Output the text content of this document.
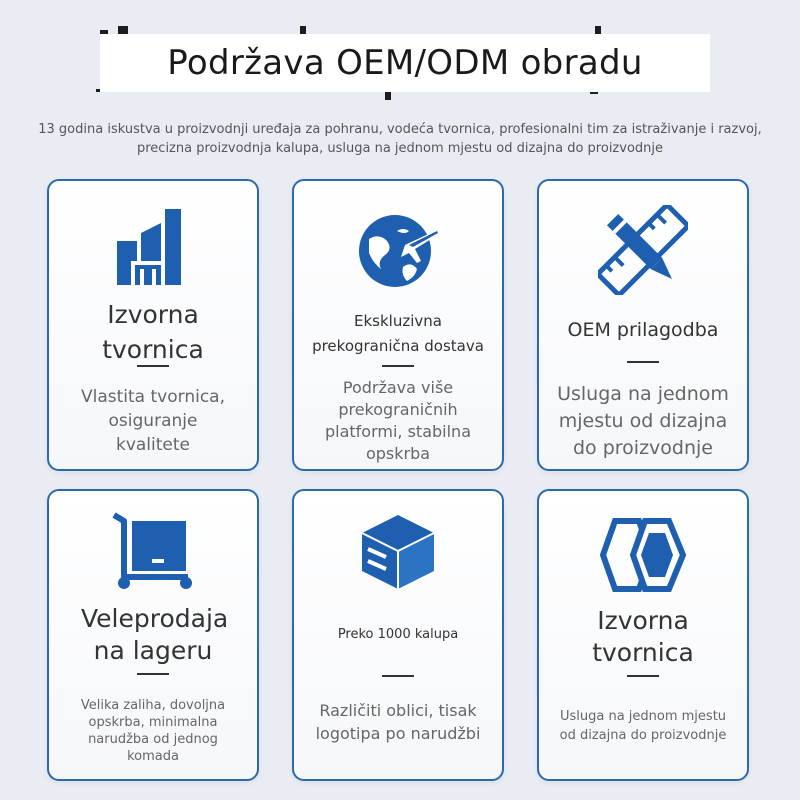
Podržava OEM/ODM obradu
13 godina iskustva u proizvodnji uređaja za pohranu, vodeća tvornica, profesionalni tim za istraživanje i razvoj, precizna proizvodnja kalupa, usluga na jednom mjestu od dizajna do proizvodnje
Izvorna tvornica
Vlastita tvornica, osiguranje kvalitete
Ekskluzivna prekogranična dostava
Podržava više prekograničnih platformi, stabilna opskrba
OEM prilagodba
Usluga na jednom mjestu od dizajna do proizvodnje
Veleprodaja na lageru
Velika zaliha, dovoljna opskrba, minimalna narudžba od jednog komada
Preko 1000 kalupa
Različiti oblici, tisak logotipa po narudžbi
Izvorna tvornica
Usluga na jednom mjestu od dizajna do proizvodnje
